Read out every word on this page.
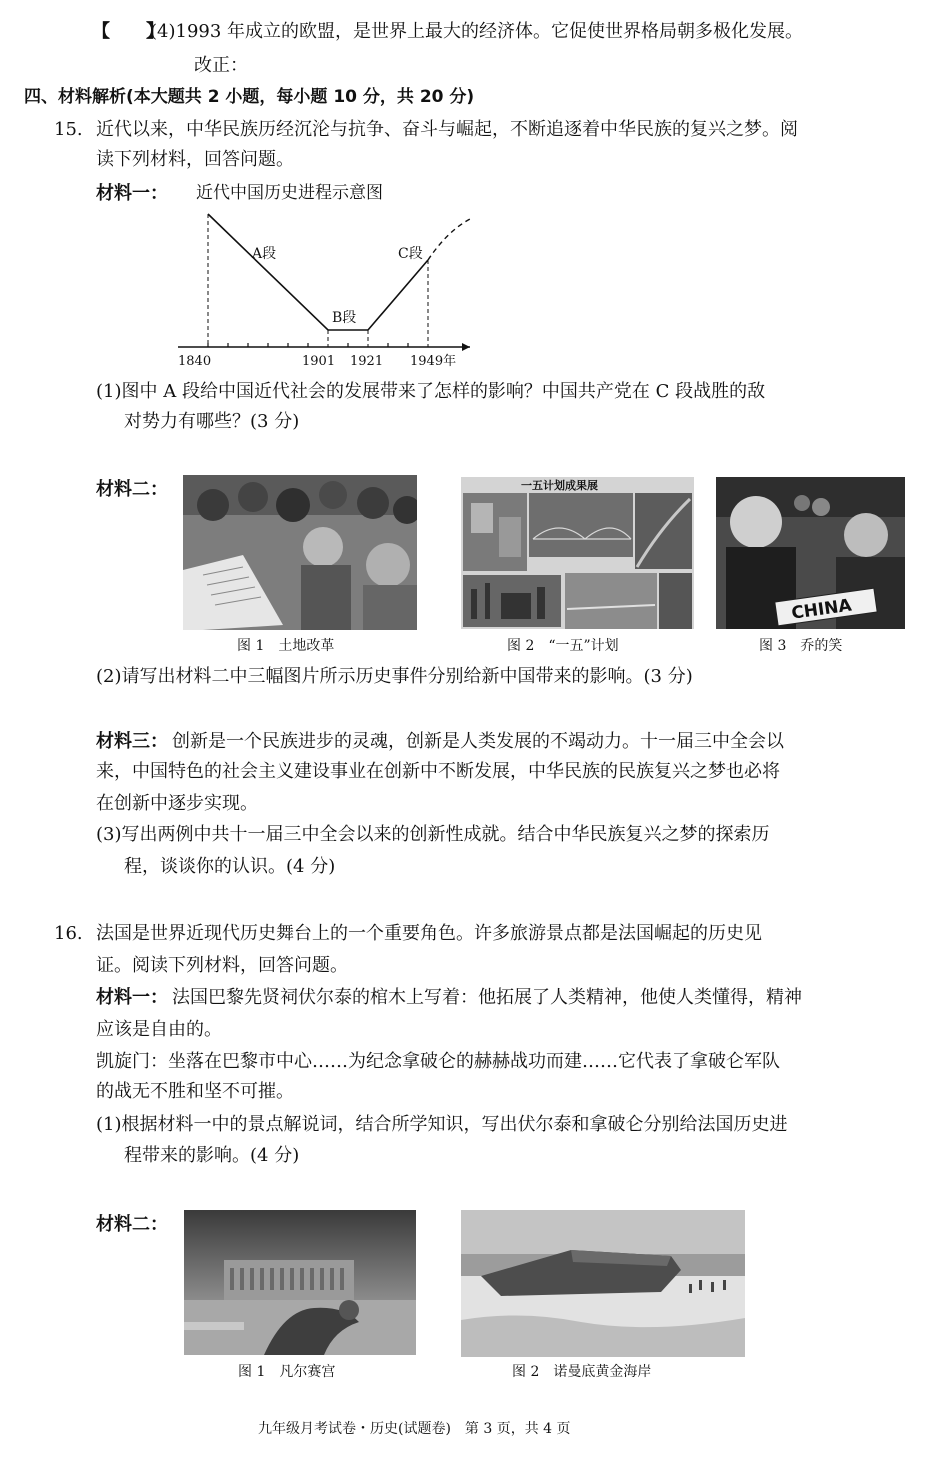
【　　】
(4)1993 年成立的欧盟，是世界上最大的经济体。它促使世界格局朝多极化发展。
改正：
四、材料解析(本大题共 2 小题，每小题 10 分，共 20 分)
15. 近代以来，中华民族历经沉沦与抗争、奋斗与崛起，不断追逐着中华民族的复兴之梦。阅
读下列材料，回答问题。
材料一： 近代中国历史进程示意图
A段
B段
C段
1840	1901 1921 1949年
(1)图中 A 段给中国近代社会的发展带来了怎样的影响？中国共产党在 C 段战胜的敌
对势力有哪些？(3 分)
材料二：
图 1　土地改革
一五计划成果展
图 2　“一五”计划
CHINA
图 3　乔的笑
(2)请写出材料二中三幅图片所示历史事件分别给新中国带来的影响。(3 分)
材料三： 创新是一个民族进步的灵魂，创新是人类发展的不竭动力。十一届三中全会以
来，中国特色的社会主义建设事业在创新中不断发展，中华民族的民族复兴之梦也必将
在创新中逐步实现。
(3)写出两例中共十一届三中全会以来的创新性成就。结合中华民族复兴之梦的探索历
程，谈谈你的认识。(4 分)
16. 法国是世界近现代历史舞台上的一个重要角色。许多旅游景点都是法国崛起的历史见
证。阅读下列材料，回答问题。
材料一： 法国巴黎先贤祠伏尔泰的棺木上写着：他拓展了人类精神，他使人类懂得，精神
应该是自由的。
凯旋门：坐落在巴黎市中心……为纪念拿破仑的赫赫战功而建……它代表了拿破仑军队
的战无不胜和坚不可摧。
(1)根据材料一中的景点解说词，结合所学知识，写出伏尔泰和拿破仑分别给法国历史进
程带来的影响。(4 分)
材料二：
图 1　凡尔赛宫	图 2　诺曼底黄金海岸
九年级月考试卷・历史(试题卷)　第 3 页，共 4 页
